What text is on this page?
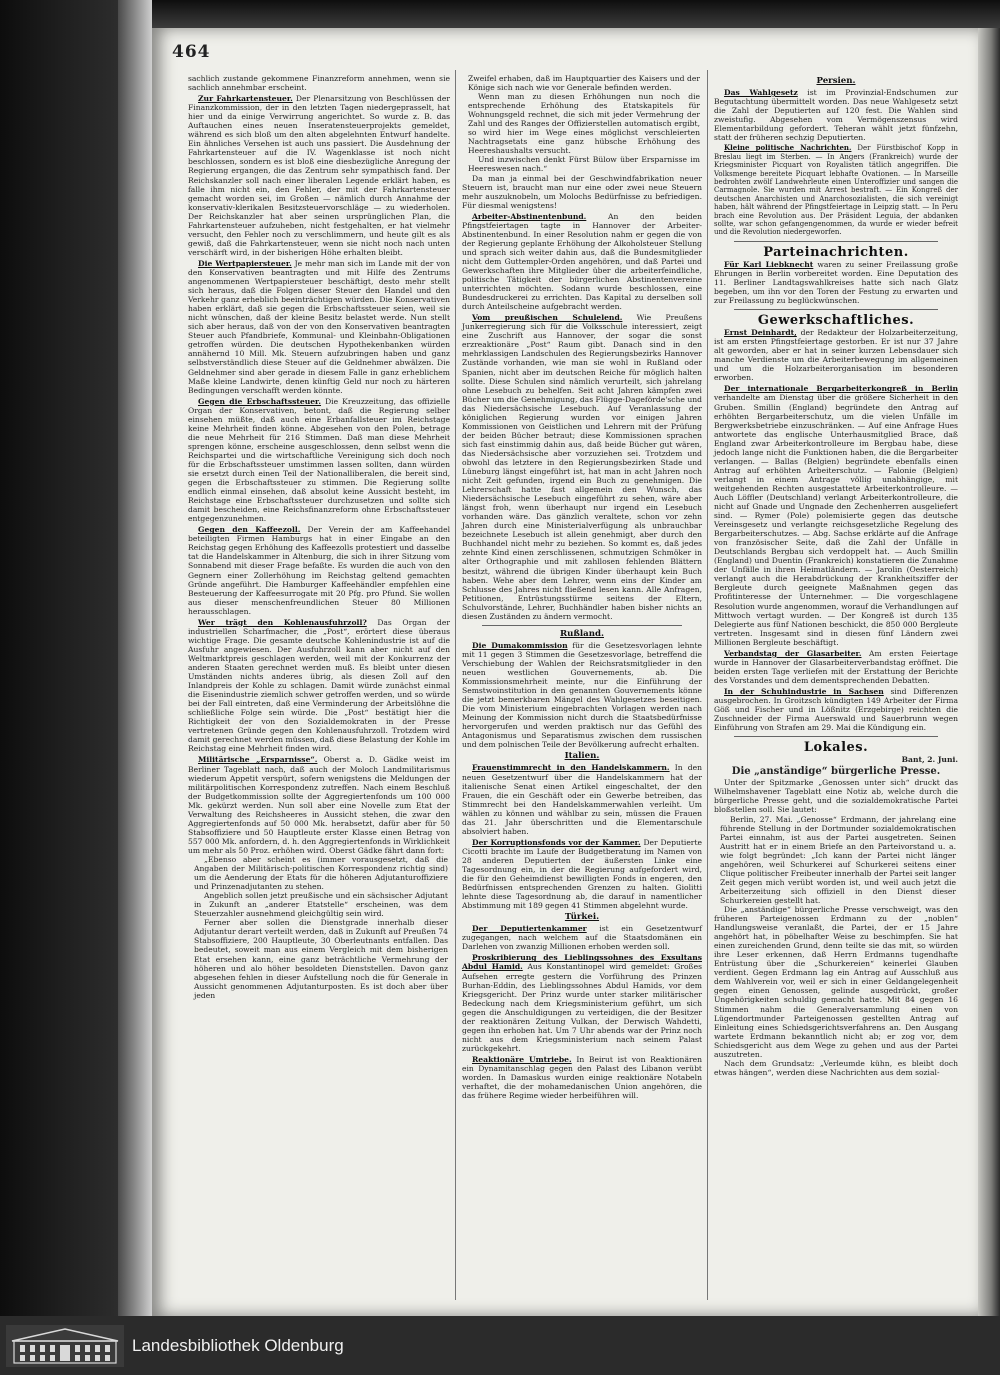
464

sachlich zustande gekommene Finanzreform annehmen, wenn sie sachlich annehmbar erscheint.

Zur Fahrkartensteuer. Der Plenarsitzung von Beschlüssen der Finanzkommission, der in den letzten Tagen niedergeprasselt, hat hier und da einige Verwirrung angerichtet. So wurde z. B. das Auftauchen eines neuen Inseratensteuerprojekts gemeldet, während es sich bloß um den alten abgelehnten Entwurf handelte. Ein ähnliches Versehen ist auch uns passiert. Die Ausdehnung der Fahrkartensteuer auf die IV. Wagenklasse ist noch nicht beschlossen, sondern es ist bloß eine diesbezügliche Anregung der Regierung ergangen, die das Zentrum sehr sympathisch fand. Der Reichskanzler soll nach einer liberalen Legende erklärt haben, es falle ihm nicht ein, den Fehler, der mit der Fahrkartensteuer gemacht worden sei, im Großen — nämlich durch Annahme der konservativ-klerikalen Besitzsteuervorschläge — zu wiederholen. Der Reichskanzler hat aber seinen ursprünglichen Plan, die Fahrkartensteuer aufzuheben, nicht festgehalten, er hat vielmehr versucht, den Fehler noch zu verschlimmern, und heute gilt es als gewiß, daß die Fahrkartensteuer, wenn sie nicht noch nach unten verschärft wird, in der bisherigen Höhe erhalten bleibt.

Die Wertpapiersteuer. Je mehr man sich im Lande mit der von den Konservativen beantragten und mit Hilfe des Zentrums angenommenen Wertpapiersteuer beschäftigt, desto mehr stellt sich heraus, daß die Folgen dieser Steuer den Handel und den Verkehr ganz erheblich beeinträchtigen würden. Die Konservativen haben erklärt, daß sie gegen die Erbschaftssteuer seien, weil sie nicht wünschen, daß der kleine Besitz belastet werde. Nun stellt sich aber heraus, daß von der von den Konservativen beantragten Steuer auch Pfandbriefe, Kommunal- und Kleinbahn-Obligationen getroffen würden. Die deutschen Hypothekenbanken würden annähernd 10 Mill. Mk. Steuern aufzubringen haben und ganz selbstverständlich diese Steuer auf die Geldnehmer abwälzen. Die Geldnehmer sind aber gerade in diesem Falle in ganz erheblichem Maße kleine Landwirte, denen künftig Geld nur noch zu härteren Bedingungen verschafft werden könnte.

Gegen die Erbschaftssteuer. Die Kreuzzeitung, das offizielle Organ der Konservativen, betont, daß die Regierung selber einsehen müßte, daß auch eine Erbanfallsteuer im Reichstage keine Mehrheit finden könne. Abgesehen von den Polen, betrage die neue Mehrheit für 216 Stimmen. Daß man diese Mehrheit sprengen könne, erscheine ausgeschlossen, denn selbst wenn die Reichspartei und die wirtschaftliche Vereinigung sich doch noch für die Erbschaftssteuer umstimmen lassen sollten, dann würden sie ersetzt durch einen Teil der Nationalliberalen, die bereit sind, gegen die Erbschaftssteuer zu stimmen. Die Regierung sollte endlich einmal einsehen, daß absolut keine Aussicht besteht, im Reichstage eine Erbschaftssteuer durchzusetzen und sollte sich damit bescheiden, eine Reichsfinanzreform ohne Erbschaftssteuer entgegenzunehmen.

Gegen den Kaffeezoll. Der Verein der am Kaffeehandel beteiligten Firmen Hamburgs hat in einer Eingabe an den Reichstag gegen Erhöhung des Kaffeezolls protestiert und dasselbe tat die Handelskammer in Altenburg, die sich in ihrer Sitzung vom Sonnabend mit dieser Frage befaßte. Es wurden die auch von den Gegnern einer Zollerhöhung im Reichstag geltend gemachten Gründe angeführt. Die Hamburger Kaffeehändler empfehlen eine Besteuerung der Kaffeesurrogate mit 20 Pfg. pro Pfund. Sie wollen aus dieser menschenfreundlichen Steuer 80 Millionen herausschlagen.

Wer trägt den Kohlenausfuhrzoll? Das Organ der industriellen Scharfmacher, die „Post“, erörtert diese überaus wichtige Frage. Die gesamte deutsche Kohlenindustrie ist auf die Ausfuhr angewiesen. Der Ausfuhrzoll kann aber nicht auf den Weltmarktpreis geschlagen werden, weil mit der Konkurrenz der anderen Staaten gerechnet werden muß. Es bleibt unter diesen Umständen nichts anderes übrig, als diesen Zoll auf den Inlandpreis der Kohle zu schlagen. Damit würde zunächst einmal die Eisenindustrie ziemlich schwer getroffen werden, und so würde bei der Fall eintreten, daß eine Verminderung der Arbeitslöhne die schließliche Folge sein würde. Die „Post“ bestätigt hier die Richtigkeit der von den Sozialdemokraten in der Presse vertretenen Gründe gegen den Kohlenausfuhrzoll. Trotzdem wird damit gerechnet werden müssen, daß diese Belastung der Kohle im Reichstag eine Mehrheit finden wird.

Militärische „Ersparnisse“. Oberst a. D. Gädke weist im Berliner Tageblatt nach, daß auch der Moloch Landmilitarismus wiederum Appetit verspürt, sofern wenigstens die Meldungen der militärpolitischen Korrespondenz zutreffen. Nach einem Beschluß der Budgetkommission sollte der Aggregiertenfonds um 100 000 Mk. gekürzt werden. Nun soll aber eine Novelle zum Etat der Verwaltung des Reichsheeres in Aussicht stehen, die zwar den Aggregiertenfonds auf 50 000 Mk. herabsetzt, dafür aber für 50 Stabsoffiziere und 50 Hauptleute erster Klasse einen Betrag von 557 000 Mk. anfordern, d. h. den Aggregiertenfonds in Wirklichkeit um mehr als 50 Proz. erhöhen wird. Oberst Gädke fährt dann fort:

„Ebenso aber scheint es (immer vorausgesetzt, daß die Angaben der Militärisch-politischen Korrespondenz richtig sind) um die Aenderung der Etats für die höheren Adjutanturoffiziere und Prinzenadjutanten zu stehen.

Angeblich sollen jetzt preußische und ein sächsischer Adjutant in Zukunft an „anderer Etatstelle“ erscheinen, was dem Steuerzahler ausnehmend gleichgültig sein wird.

Ferner aber sollen die Dienstgrade innerhalb dieser Adjutantur derart verteilt werden, daß in Zukunft auf Preußen 74 Stabsoffiziere, 200 Hauptleute, 30 Oberleutnants entfallen. Das bedeutet, soweit man aus einem Vergleich mit dem bisherigen Etat ersehen kann, eine ganz beträchtliche Vermehrung der höheren und alo höher besoldeten Dienststellen. Davon ganz abgesehen fehlen in dieser Aufstellung noch die für Generale in Aussicht genommenen Adjutanturposten. Es ist doch aber über jeden

Zweifel erhaben, daß im Hauptquartier des Kaisers und der Könige sich nach wie vor Generale befinden werden.

Wenn man zu diesen Erhöhungen nun noch die entsprechende Erhöhung des Etatskapitels für Wohnungsgeld rechnet, die sich mit jeder Vermehrung der Zahl und des Ranges der Offizierstellen automatisch ergibt, so wird hier im Wege eines möglichst verschleierten Nachtragsetats eine ganz hübsche Erhöhung des Heereshaushalts versucht.

Und inzwischen denkt Fürst Bülow über Ersparnisse im Heereswesen nach.“

Da man ja einmal bei der Geschwindfabrikation neuer Steuern ist, braucht man nur eine oder zwei neue Steuern mehr auszuknobeln, um Molochs Bedürfnisse zu befriedigen. Für diesmal wenigstens!

Arbeiter-Abstinentenbund.	An den beiden Pfingstfeiertagen tagte in Hannover der Arbeiter-Abstinentenbund. In einer Resolution nahm er gegen die von der Regierung geplante Erhöhung der Alkoholsteuer Stellung und sprach sich weiter dahin aus, daß die Bundesmitglieder nicht dem Guttempler-Orden angehören, und daß Partei und Gewerkschaften ihre Mitglieder über die arbeiterfeindliche, politische Tätigkeit der bürgerlichen Abstinentenvereine unterrichten möchten. Sodann wurde beschlossen, eine Bundesdruckerei zu errichten. Das Kapital zu derselben soll durch Anteilscheine aufgebracht werden.

Vom preußischen Schulelend. Wie Preußens Junkerregierung sich für die Volksschule interessiert, zeigt eine Zuschrift aus Hannover, der sogar die sonst erzreaktionäre „Post“ Raum gibt. Danach sind in den mehrklassigen Landschulen des Regierungsbezirks Hannover Zustände vorhanden, wie man sie wohl in Rußland oder Spanien, nicht aber im deutschen Reiche für möglich halten sollte. Diese Schulen sind nämlich verurteilt, sich jahrelang ohne Lesebuch zu behelfen. Seit acht Jahren kämpfen zwei Bücher um die Genehmigung, das Flügge-Dageförde'sche und das Niedersächsische Lesebuch. Auf Veranlassung der königlichen Regierung wurden vor einigen Jahren Kommissionen von Geistlichen und Lehrern mit der Prüfung der beiden Bücher betraut; diese Kommissionen sprachen sich fast einstimmig dahin aus, daß beide Bücher gut wären, das Niedersächsische aber vorzuziehen sei. Trotzdem und obwohl das letztere in den Regierungsbezirken Stade und Lüneburg längst eingeführt ist, hat man in acht Jahren noch nicht Zeit gefunden, irgend ein Buch zu genehmigen. Die Lehrerschaft hatte fast allgemein den Wunsch, das Niedersächsische Lesebuch eingeführt zu sehen, wäre aber längst froh, wenn überhaupt nur irgend ein Lesebuch vorhanden wäre. Das gänzlich veraltete, schon vor zehn Jahren durch eine Ministerialverfügung als unbrauchbar bezeichnete Lesebuch ist allein genehmigt, aber durch den Buchhandel nicht mehr zu beziehen. So kommt es, daß jedes zehnte Kind einen zerschlissenen, schmutzigen Schmöker in alter Orthographie und mit zahllosen fehlenden Blättern besitzt, während die übrigen Kinder überhaupt kein Buch haben. Wehe aber dem Lehrer, wenn eins der Kinder am Schlusse des Jahres nicht fließend lesen kann. Alle Anfragen, Petitionen, Entrüstungsstürme seitens der Eltern, Schulvorstände, Lehrer, Buchhändler haben bisher nichts an diesen Zuständen zu ändern vermocht.

Rußland.

Die Dumakommission für die Gesetzesvorlagen lehnte mit 11 gegen 3 Stimmen die Gesetzesvorlage, betreffend die Verschiebung der Wahlen der Reichsratsmitglieder in den neuen westlichen Gouvernements, ab. Die Kommissionsmehrheit meinte, nur die Einführung der Semstwoinstitution in den genannten Gouvernements könne die jetzt bemerkbaren Mängel des Wahlgesetzes beseitigen. Die vom Ministerium eingebrachten Vorlagen werden nach Meinung der Kommission nicht durch die Staatsbedürfnisse hervorgerufen und werden praktisch nur das Gefühl des Antagonismus und Separatismus zwischen dem russischen und dem polnischen Teile der Bevölkerung aufrecht erhalten.

Italien.

Frauenstimmrecht in den Handelskammern. In den neuen Gesetzentwurf über die Handelskammern hat der italienische Senat einen Artikel eingeschaltet, der den Frauen, die ein Geschäft oder ein Gewerbe betreiben, das Stimmrecht bei den Handelskammerwahlen verleiht. Um wählen zu können und wählbar zu sein, müssen die Frauen das 21. Jahr überschritten und die Elementarschule absolviert haben.

Der Korruptionsfonds vor der Kammer. Der Deputierte Cicotti brachte im Laufe der Budgetberatung im Namen von 28 anderen Deputierten der äußersten Linke eine Tagesordnung ein, in der die Regierung aufgefordert wird, die für den Geheimdienst bewilligten Fonds in engeren, den Bedürfnissen entsprechenden Grenzen zu halten. Giolitti lehnte diese Tagesordnung ab, die darauf in namentlicher Abstimmung mit 189 gegen 41 Stimmen abgelehnt wurde.

Türkei.

Der Deputiertenkammer ist ein Gesetzentwurf zugegangen, nach welchem auf die Staatsdomänen ein Darlehen von zwanzig Millionen erhoben werden soll.

Proskribierung des Lieblingssohnes des Exsultans Abdul Hamid. Aus Konstantinopel wird gemeldet: Großes Aufsehen erregte gestern die Vorführung des Prinzen Burhan-Eddin, des Lieblingssohnes Abdul Hamids, vor dem Kriegsgericht. Der Prinz wurde unter starker militärischer Bedeckung nach dem Kriegsministerium geführt, um sich gegen die Anschuldigungen zu verteidigen, die der Besitzer der reaktionären Zeitung Vulkan, der Derwisch Wahdetti, gegen ihn erhoben hat. Um 7 Uhr abends war der Prinz noch nicht aus dem Kriegsministerium nach seinem Palast zurückgekehrt.

Reaktionäre Umtriebe. In Beirut ist von Reaktionären ein Dynamitanschlag gegen den Palast des Libanon verübt worden. In Damaskus wurden einige reaktionäre Notabeln verhaftet, die der mohamedanischen Union angehören, die das frühere Regime wieder herbeiführen will.

Persien.

Das Wahlgesetz ist im Provinzial-Endschumen zur Begutachtung übermittelt worden. Das neue Wahlgesetz setzt die Zahl der Deputierten auf 120 fest. Die Wahlen sind zweistufig. Abgesehen vom Vermögenszensus wird Elementarbildung gefordert. Teheran wählt jetzt fünfzehn, statt der früheren sechzig Deputierten.

Kleine politische Nachrichten. Der Fürstbischof Kopp in Breslau liegt im Sterben. — In Angers (Frankreich) wurde der Kriegsminister Picquart von Royalisten tätlich angegriffen. Die Volksmenge bereitete Picquart lebhafte Ovationen. — In Marseille bedrohten zwölf Landwehrleute einen Unteroffizier und sangen die Carmagnole. Sie wurden mit Arrest bestraft. — Ein Kongreß der deutschen Anarchisten und Anarchosozialisten, die sich vereinigt haben, hält während der Pfingstfeiertage in Leipzig statt. — In Peru brach eine Revolution aus. Der Präsident Leguia, der abdanken sollte, war schon gefangengenommen, da wurde er wieder befreit und die Revolution niedergeworfen.

Parteinachrichten.

Für Karl Liebknecht waren zu seiner Freilassung große Ehrungen in Berlin vorbereitet worden. Eine Deputation des 11. Berliner Landtagswahlkreises hatte sich nach Glatz begeben, um ihn vor den Toren der Festung zu erwarten und zur Freilassung zu beglückwünschen.

Gewerkschaftliches.

Ernst Deinhardt, der Redakteur der Holzarbeiterzeitung, ist am ersten Pfingstfeiertage gestorben. Er ist nur 37 Jahre alt geworden, aber er hat in seiner kurzen Lebensdauer sich manche Verdienste um die Arbeiterbewegung im allgemeinen und um die Holzarbeiterorganisation im besonderen erworben.

Der internationale Bergarbeiterkongreß in Berlin verhandelte am Dienstag über die größere Sicherheit in den Gruben. Smillin (England) begründete den Antrag auf erhöhten Bergarbeiterschutz, um die vielen Unfälle im Bergwerksbetriebe einzuschränken. — Auf eine Anfrage Hues antwortete das englische Unterhausmitglied Brace, daß England zwar Arbeiterkontrolleure im Bergbau habe, diese jedoch lange nicht die Funktionen haben, die die Bergarbeiter verlangen. — Ballas (Belgien) begründete ebenfalls einen Antrag auf erhöhten Arbeiterschutz. — Falonie (Belgien) verlangt in einem Antrage völlig unabhängige, mit weitgehenden Rechten ausgestattete Arbeiterkontrolleure. — Auch Löffler (Deutschland) verlangt Arbeiterkontrolleure, die nicht auf Gnade und Ungnade den Zechenherren ausgeliefert sind. — Rymer (Pole) polemisierte gegen das deutsche Vereinsgesetz und verlangte reichsgesetzliche Regelung des Bergarbeiterschutzes. — Abg. Sachse erklärte auf die Anfrage von französischer Seite, daß die Zahl der Unfälle in Deutschlands Bergbau sich verdoppelt hat. — Auch Smillin (England) und Duentin (Frankreich) konstatieren die Zunahme der Unfälle in ihren Heimatländern. — Jarolin (Oesterreich) verlangt auch die Herabdrückung der Krankheitsziffer der Bergleute durch geeignete Maßnahmen gegen das Profitinteresse der Unternehmer. — Die vorgeschlagene Resolution wurde angenommen, worauf die Verhandlungen auf Mittwoch vertagt wurden. — Der Kongreß ist durch 135 Delegierte aus fünf Nationen beschickt, die 850 000 Bergleute vertreten. Insgesamt sind in diesen fünf Ländern zwei Millionen Bergleute beschäftigt.

Verbandstag der Glasarbeiter. Am ersten Feiertage wurde in Hannover der Glasarbeiterverbandstag eröffnet. Die beiden ersten Tage verliefen mit der Erstattung der Berichte des Vorstandes und dem dementsprechenden Debatten.

In der Schuhindustrie in Sachsen sind Differenzen ausgebrochen. In Groitzsch kündigten 149 Arbeiter der Firma Göß und Fischer und in Lößnitz (Erzgebirge) reichten die Zuschneider der Firma Auerswald und Sauerbrunn wegen Einführung von Strafen am 29. Mai die Kündigung ein.

Lokales.
Bant, 2. Juni.
Die „anständige“ bürgerliche Presse.

Unter der Spitzmarke „Genossen unter sich“ druckt das Wilhelmshavener Tageblatt eine Notiz ab, welche durch die bürgerliche Presse geht, und die sozialdemokratische Partei bloßstellen soll. Sie lautet:

Berlin, 27. Mai. „Genosse“ Erdmann, der jahrelang eine führende Stellung in der Dortmunder sozialdemokratischen Partei einnahm, ist aus der Partei ausgetreten. Seinen Austritt hat er in einem Briefe an den Parteivorstand u. a. wie folgt begründet: „Ich kann der Partei nicht länger angehören, weil Schurkerei auf Schurkerei seitens einer Clique politischer Freibeuter innerhalb der Partei seit langer Zeit gegen mich verübt worden ist, und weil auch jetzt die Arbeiterzeitung sich offiziell in den Dienst dieser Schurkereien gestellt hat.

Die „anständige“ bürgerliche Presse verschweigt, was den früheren Parteigenossen Erdmann zu der „noblen“ Handlungsweise veranlaßt, die Partei, der er 15 Jahre angehört hat, in pöbelhafter Weise zu beschimpfen. Sie hat einen zureichenden Grund, denn teilte sie das mit, so würden ihre Leser erkennen, daß Herrn Erdmanns tugendhafte Entrüstung über die „Schurkereien“ keinerlei Glauben verdient. Gegen Erdmann lag ein Antrag auf Ausschluß aus dem Wahlverein vor, weil er sich in einer Geldangelegenheit gegen einen Genossen, gelinde ausgedrückt, großer Ungehörigkeiten schuldig gemacht hatte. Mit 84 gegen 16 Stimmen nahm die Generalversammlung einen von Lügendortmunder Parteigenossen gestellten Antrag auf Einleitung eines Schiedsgerichtsverfahrens an. Den Ausgang wartete Erdmann bekanntlich nicht ab; er zog vor, dem Schiedsgericht aus dem Wege zu gehen und aus der Partei auszutreten.

Nach dem Grundsatz: „Verleumde kühn, es bleibt doch etwas hängen“, werden diese Nachrichten aus dem sozial-

Landesbibliothek Oldenburg
